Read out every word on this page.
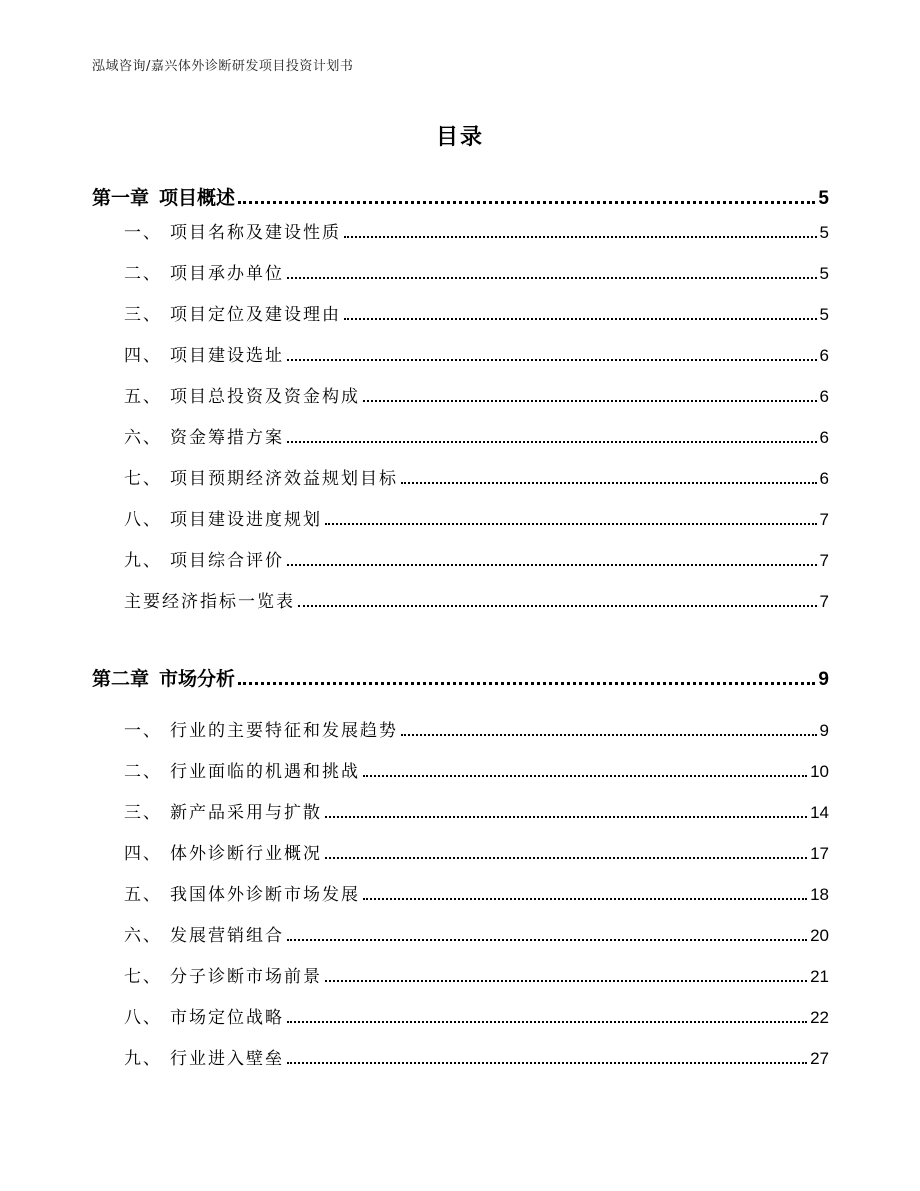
泓域咨询/嘉兴体外诊断研发项目投资计划书
目录
第一章 项目概述	5
一、 项目名称及建设性质	5
二、 项目承办单位	5
三、 项目定位及建设理由	5
四、 项目建设选址	6
五、 项目总投资及资金构成	6
六、 资金筹措方案	6
七、 项目预期经济效益规划目标	6
八、 项目建设进度规划	7
九、 项目综合评价	7
主要经济指标一览表	7
第二章 市场分析	9
一、 行业的主要特征和发展趋势	9
二、 行业面临的机遇和挑战	10
三、 新产品采用与扩散	14
四、 体外诊断行业概况	17
五、 我国体外诊断市场发展	18
六、 发展营销组合	20
七、 分子诊断市场前景	21
八、 市场定位战略	22
九、 行业进入壁垒	27
